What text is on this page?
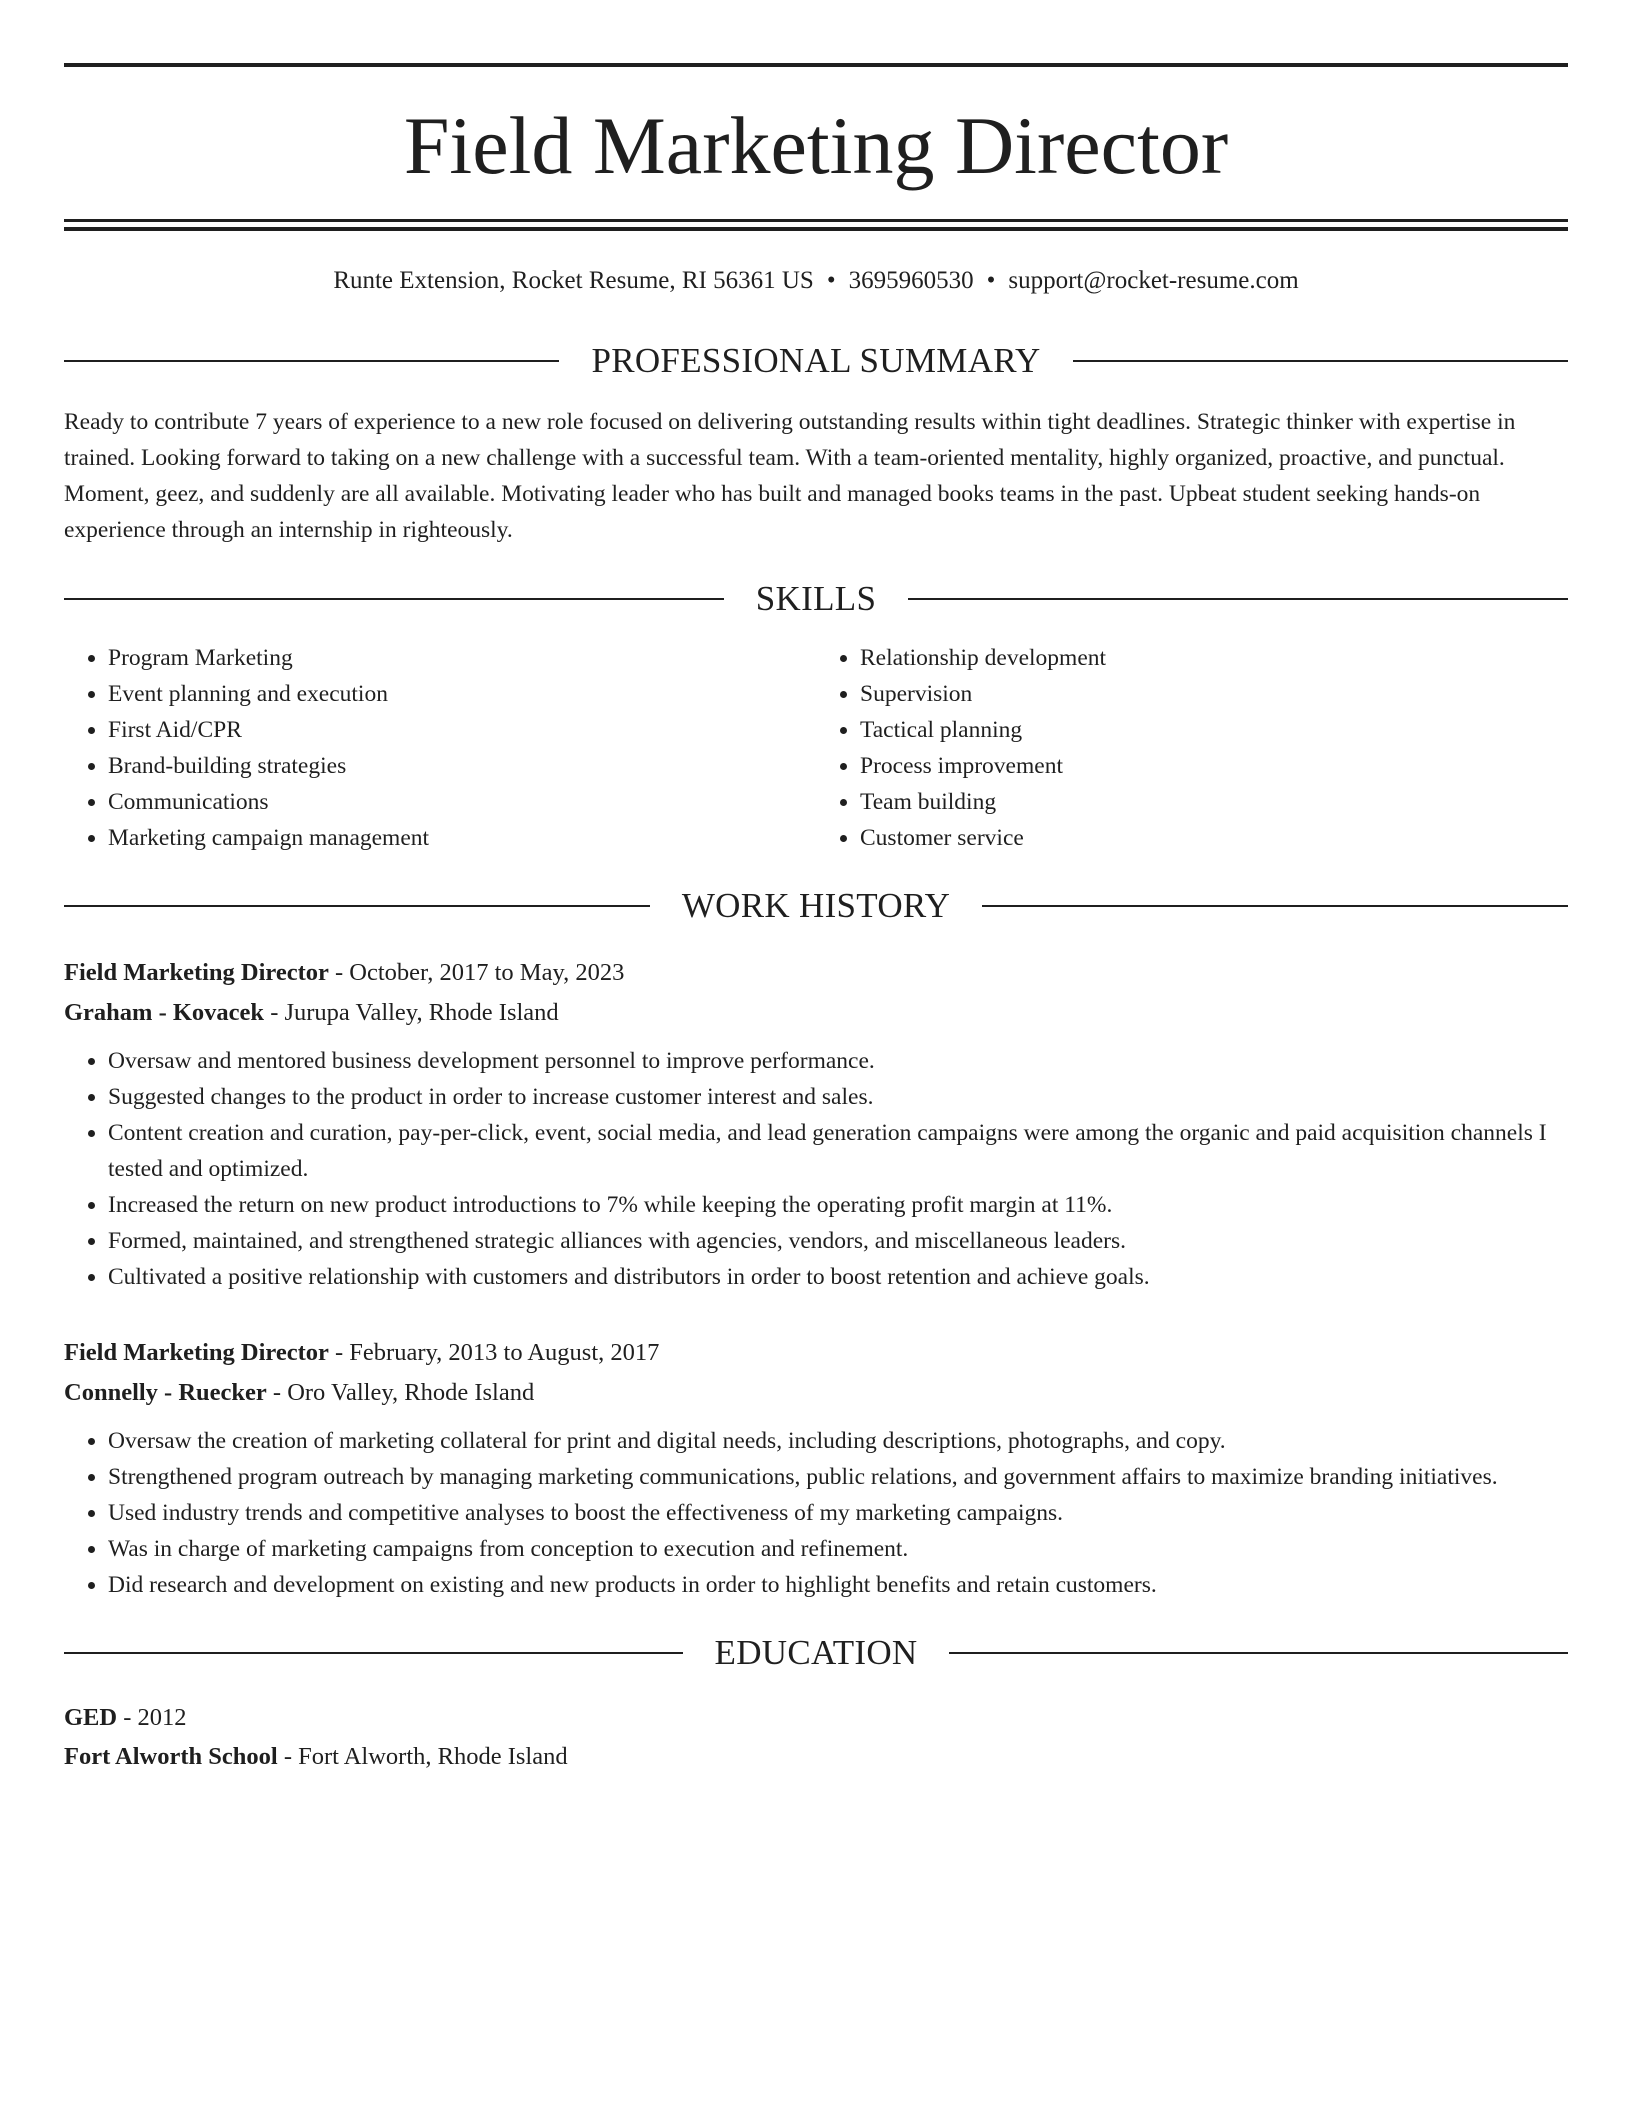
Field Marketing Director
Runte Extension, Rocket Resume, RI 56361 US • 3695960530 • support@rocket-resume.com
PROFESSIONAL SUMMARY
Ready to contribute 7 years of experience to a new role focused on delivering outstanding results within tight deadlines. Strategic thinker with expertise in trained. Looking forward to taking on a new challenge with a successful team. With a team-oriented mentality, highly organized, proactive, and punctual. Moment, geez, and suddenly are all available. Motivating leader who has built and managed books teams in the past. Upbeat student seeking hands-on experience through an internship in righteously.
SKILLS
• Program Marketing
• Event planning and execution
• First Aid/CPR
• Brand-building strategies
• Communications
• Marketing campaign management
• Relationship development
• Supervision
• Tactical planning
• Process improvement
• Team building
• Customer service
WORK HISTORY
Field Marketing Director - October, 2017 to May, 2023
Graham - Kovacek - Jurupa Valley, Rhode Island
• Oversaw and mentored business development personnel to improve performance.
• Suggested changes to the product in order to increase customer interest and sales.
• Content creation and curation, pay-per-click, event, social media, and lead generation campaigns were among the organic and paid acquisition channels I tested and optimized.
• Increased the return on new product introductions to 7% while keeping the operating profit margin at 11%.
• Formed, maintained, and strengthened strategic alliances with agencies, vendors, and miscellaneous leaders.
• Cultivated a positive relationship with customers and distributors in order to boost retention and achieve goals.
Field Marketing Director - February, 2013 to August, 2017
Connelly - Ruecker - Oro Valley, Rhode Island
• Oversaw the creation of marketing collateral for print and digital needs, including descriptions, photographs, and copy.
• Strengthened program outreach by managing marketing communications, public relations, and government affairs to maximize branding initiatives.
• Used industry trends and competitive analyses to boost the effectiveness of my marketing campaigns.
• Was in charge of marketing campaigns from conception to execution and refinement.
• Did research and development on existing and new products in order to highlight benefits and retain customers.
EDUCATION
GED - 2012
Fort Alworth School - Fort Alworth, Rhode Island
